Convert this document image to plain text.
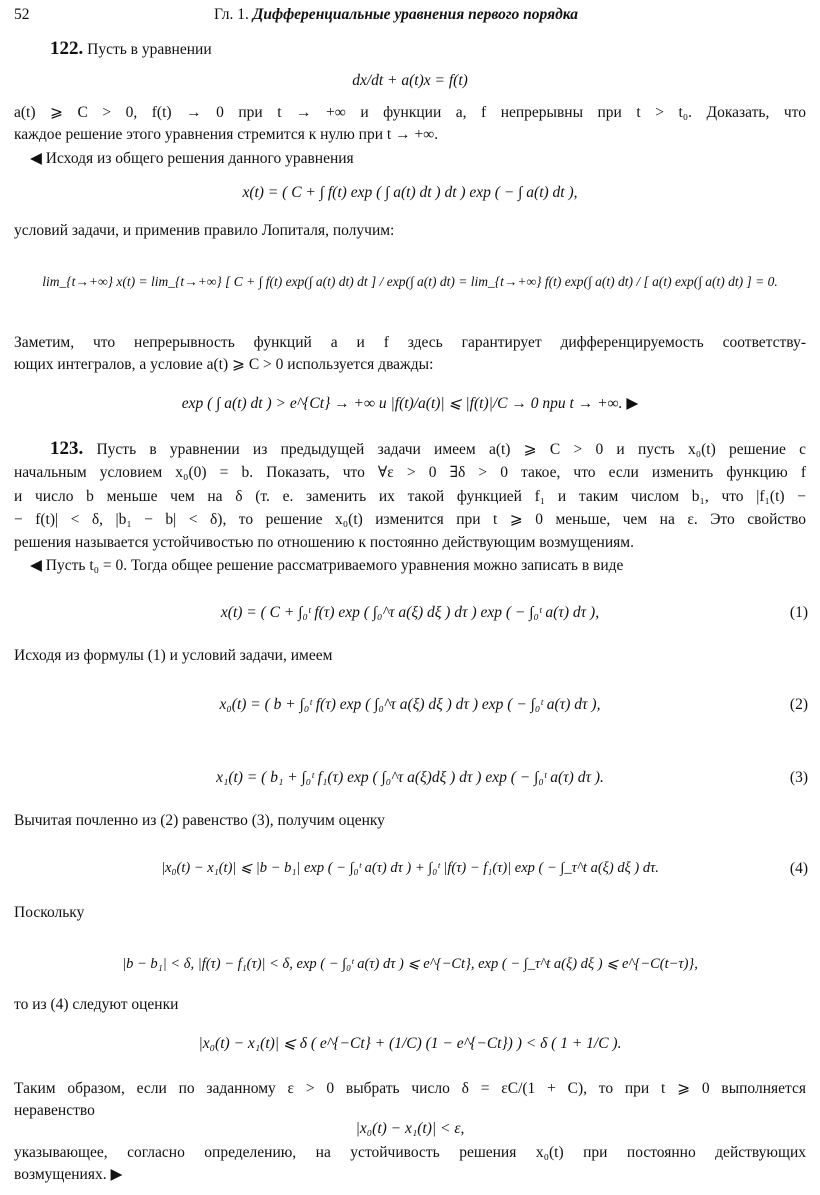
52	Гл. 1. Дифференциальные уравнения первого порядка
122. Пусть в уравнении
dx/dt + a(t)x = f(t)
a(t) ⩾ C > 0, f(t) → 0 при t → +∞ и функции a, f непрерывны при t > t₀. Доказать, что
каждое решение этого уравнения стремится к нулю при t → +∞.
◀ Исходя из общего решения данного уравнения
x(t) = ( C + ∫ f(t) exp ( ∫ a(t) dt ) dt ) exp ( − ∫ a(t) dt ),
условий задачи, и применив правило Лопиталя, получим:
lim_{t→+∞} x(t) = lim_{t→+∞} [ C + ∫ f(t) exp(∫ a(t) dt) dt ] / exp(∫ a(t) dt) = lim_{t→+∞} f(t) exp(∫ a(t) dt) / [ a(t) exp(∫ a(t) dt) ] = 0.
Заметим, что непрерывность функций a и f здесь гарантирует дифференцируемость соответству-
ющих интегралов, а условие a(t) ⩾ C > 0 используется дважды:
exp ( ∫ a(t) dt ) > e^{Ct} → +∞ и |f(t)/a(t)| ⩽ |f(t)|/C → 0 при t → +∞. ▶
123. Пусть в уравнении из предыдущей задачи имеем a(t) ⩾ C > 0 и пусть x₀(t) решение с
начальным условием x₀(0) = b. Показать, что ∀ε > 0 ∃δ > 0 такое, что если изменить функцию f
и число b меньше чем на δ (т. е. заменить их такой функцией f₁ и таким числом b₁, что |f₁(t) −
− f(t)| < δ, |b₁ − b| < δ), то решение x₀(t) изменится при t ⩾ 0 меньше, чем на ε. Это свойство
решения называется устойчивостью по отношению к постоянно действующим возмущениям.
◀ Пусть t₀ = 0. Тогда общее решение рассматриваемого уравнения можно записать в виде
x(t) = ( C + ∫₀ᵗ f(τ) exp ( ∫₀^τ a(ξ) dξ ) dτ ) exp ( − ∫₀ᵗ a(τ) dτ ),	(1)
Исходя из формулы (1) и условий задачи, имеем
x₀(t) = ( b + ∫₀ᵗ f(τ) exp ( ∫₀^τ a(ξ) dξ ) dτ ) exp ( − ∫₀ᵗ a(τ) dτ ),	(2)
x₁(t) = ( b₁ + ∫₀ᵗ f₁(τ) exp ( ∫₀^τ a(ξ)dξ ) dτ ) exp ( − ∫₀ᵗ a(τ) dτ ).	(3)
Вычитая почленно из (2) равенство (3), получим оценку
|x₀(t) − x₁(t)| ⩽ |b − b₁| exp ( − ∫₀ᵗ a(τ) dτ ) + ∫₀ᵗ |f(τ) − f₁(τ)| exp ( − ∫_τ^t a(ξ) dξ ) dτ.	(4)
Поскольку
|b − b₁| < δ, |f(τ) − f₁(τ)| < δ, exp ( − ∫₀ᵗ a(τ) dτ ) ⩽ e^{−Ct}, exp ( − ∫_τ^t a(ξ) dξ ) ⩽ e^{−C(t−τ)},
то из (4) следуют оценки
|x₀(t) − x₁(t)| ⩽ δ ( e^{−Ct} + (1/C) (1 − e^{−Ct}) ) < δ ( 1 + 1/C ).
Таким образом, если по заданному ε > 0 выбрать число δ = εC/(1 + C), то при t ⩾ 0 выполняется
неравенство
|x₀(t) − x₁(t)| < ε,
указывающее, согласно определению, на устойчивость решения x₀(t) при постоянно действующих
возмущениях. ▶
